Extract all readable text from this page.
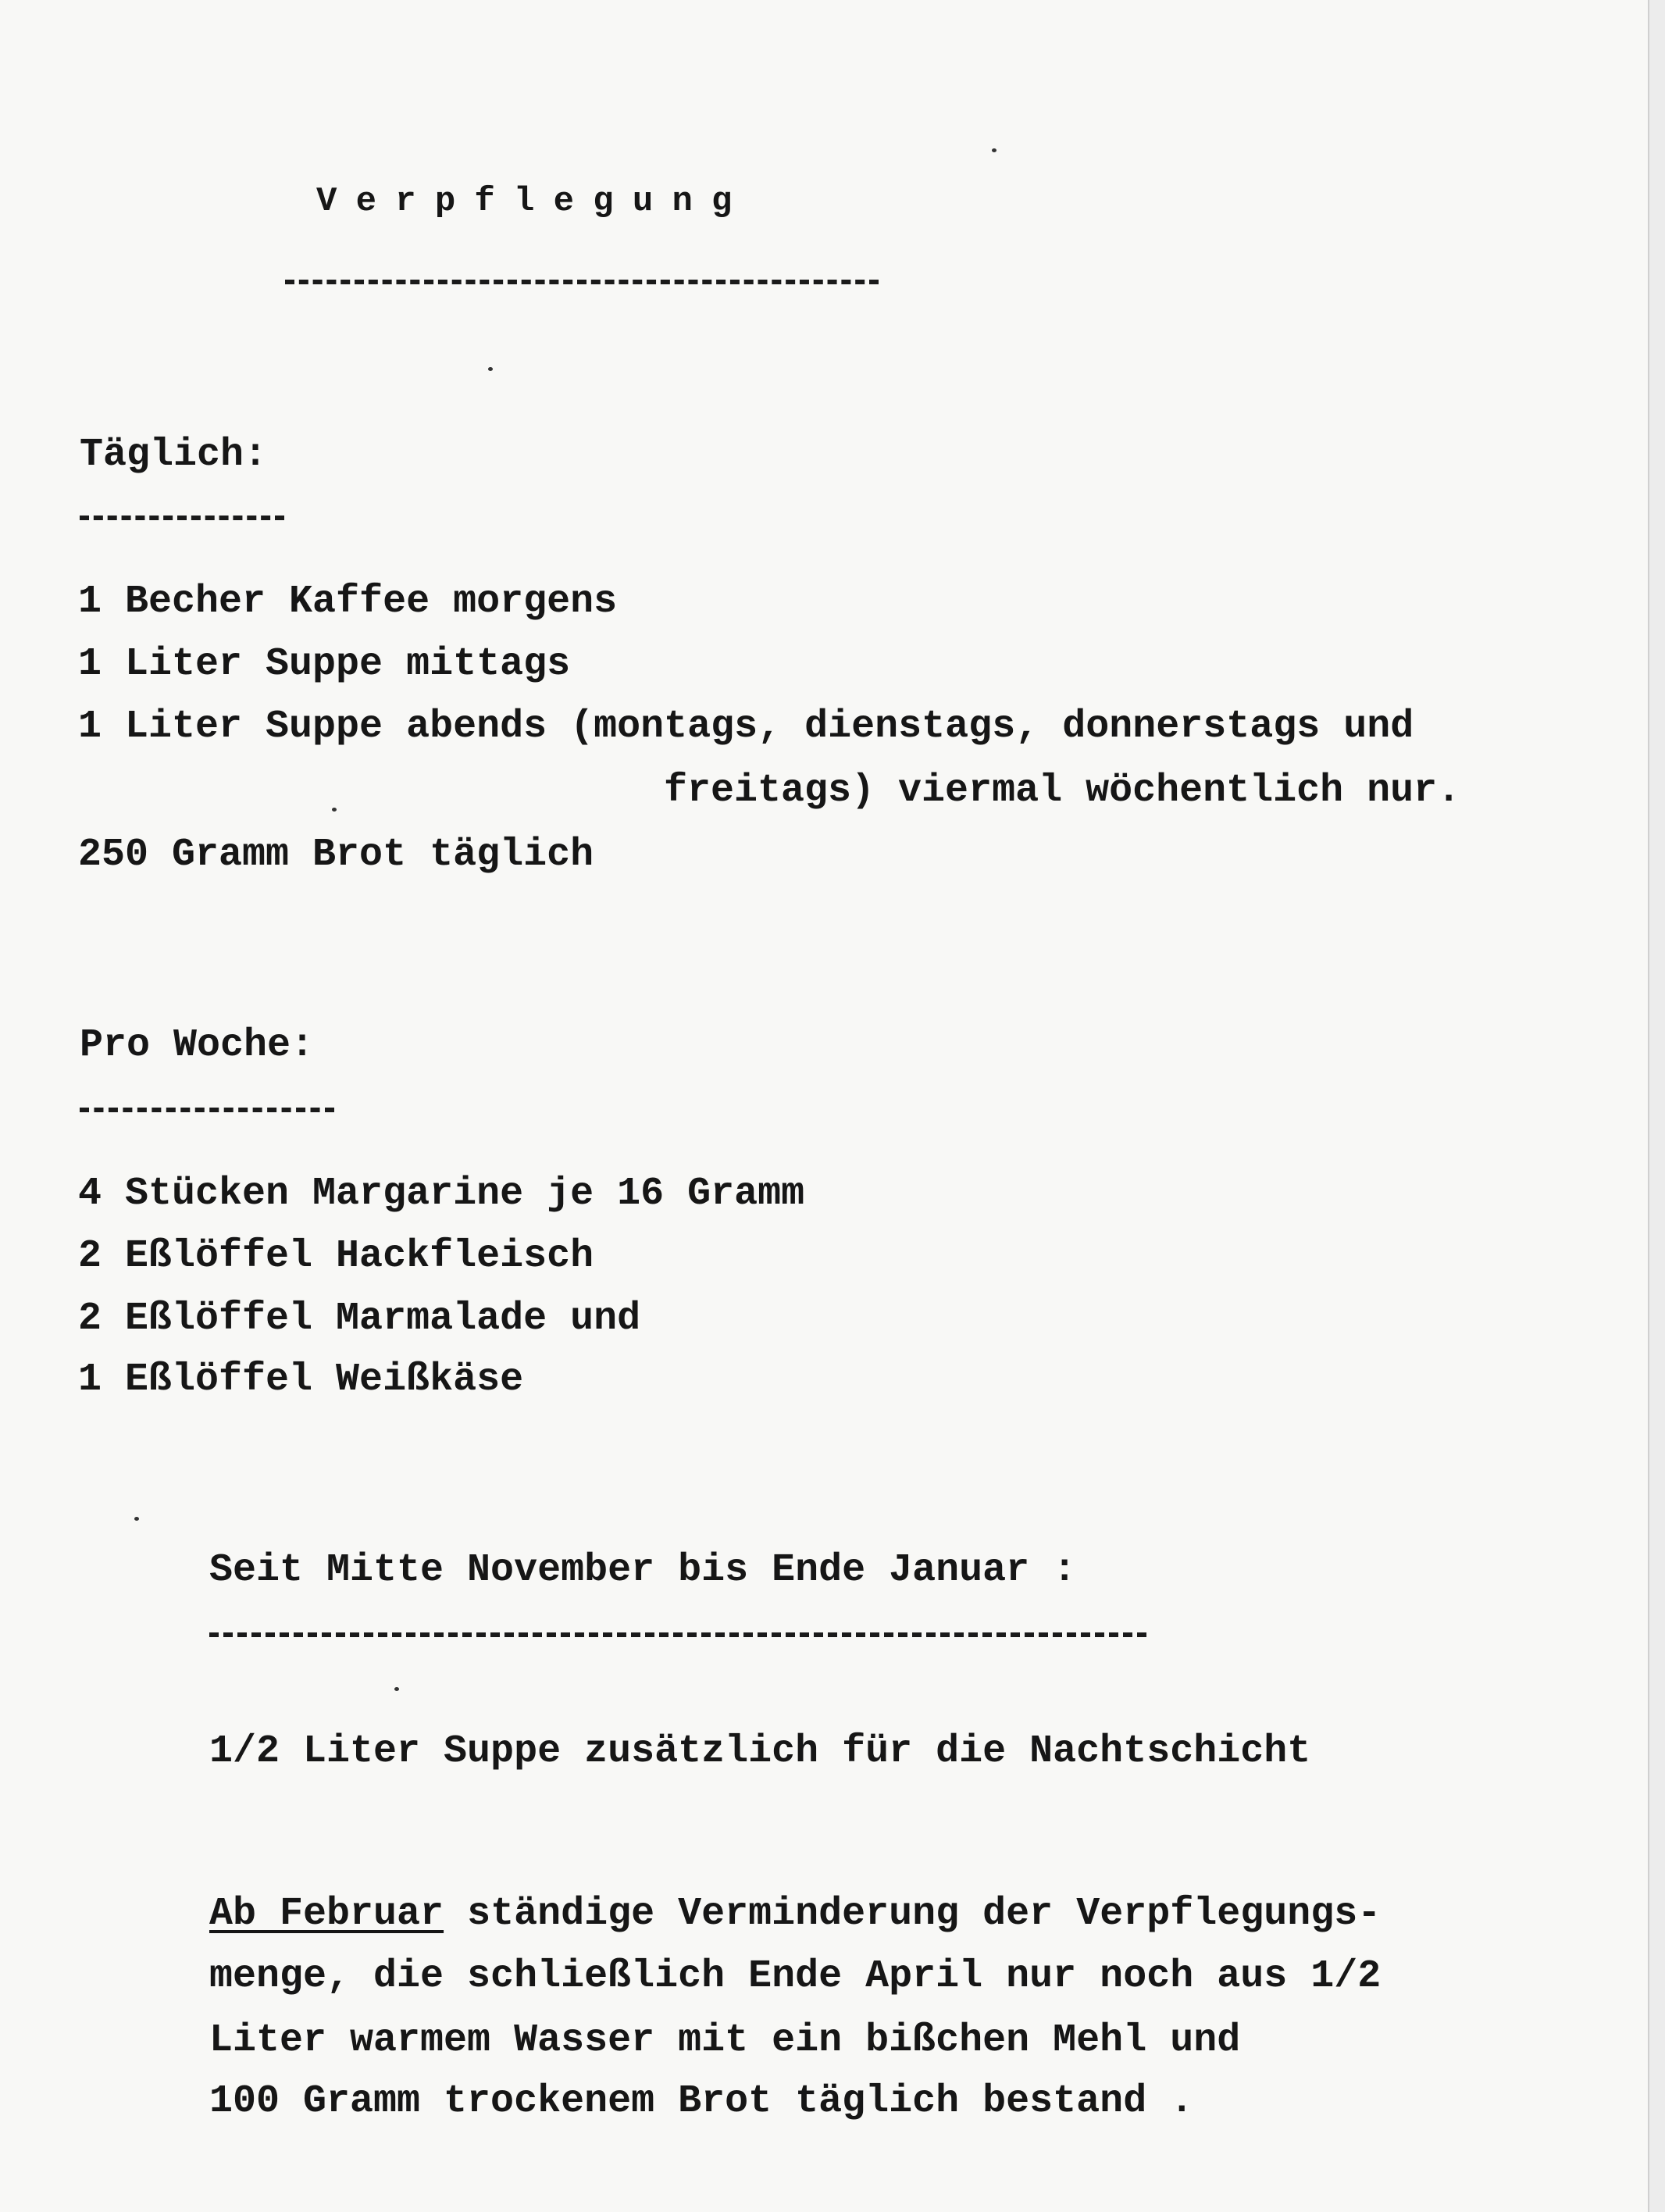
Verpflegung
Täglich:
1 Becher Kaffee morgens
1 Liter Suppe mittags
1 Liter Suppe abends (montags, dienstags, donnerstags und
freitags) viermal wöchentlich nur.
250 Gramm Brot täglich
Pro Woche:
4 Stücken Margarine je 16 Gramm
2 Eßlöffel Hackfleisch
2 Eßlöffel Marmalade und
1 Eßlöffel Weißkäse
Seit Mitte November bis Ende Januar :
1/2 Liter Suppe zusätzlich für die Nachtschicht
Ab Februar ständige Verminderung der Verpflegungs-
menge, die schließlich Ende April nur noch aus 1/2
Liter warmem Wasser mit ein bißchen Mehl und
100 Gramm trockenem Brot täglich bestand .
